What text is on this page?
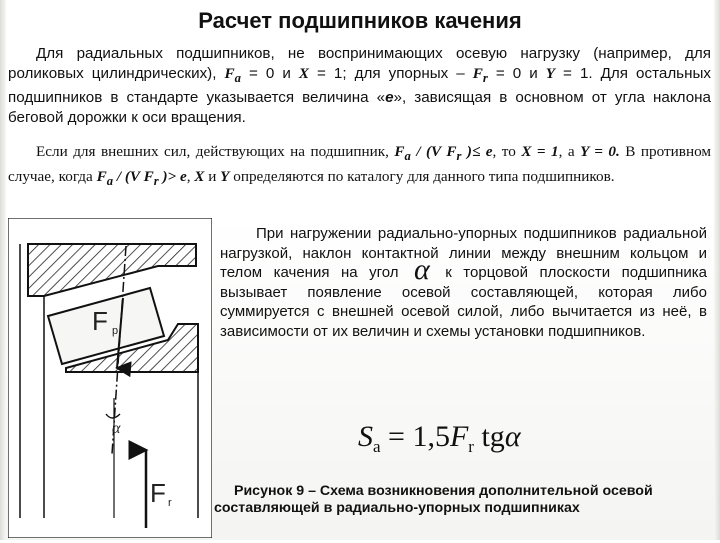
Расчет подшипников качения
Для радиальных подшипников, не воспринимающих осевую нагрузку (например, для роликовых цилиндрических), $F_a = 0$ и X = 1; для упорных – $F_r = 0$ и Y = 1. Для остальных подшипников в стандарте указывается величина «e», зависящая в основном от угла наклона беговой дорожки к оси вращения.
Если для внешних сил, действующих на подшипник, $F_a / (V$ $F_r$ )≤ e, то X = 1, а Y = 0. В противном случае, когда $F_a / (V$ $F_r$ )> e, X и Y определяются по каталогу для данного типа подшипников.
F p
α
F r
При нагружении радиально-упорных подшипников радиальной нагрузкой, наклон контактной линии между внешним кольцом и телом качения на угол α к торцовой плоскости подшипника вызывает появление осевой составляющей, которая либо суммируется с внешней осевой силой, либо вычитается из неё, в зависимости от их величин и схемы установки подшипников.
$S_a = 1,5F_r$ tgα
Рисунок 9 – Схема возникновения дополнительной осевой составляющей в радиально-упорных подшипниках
